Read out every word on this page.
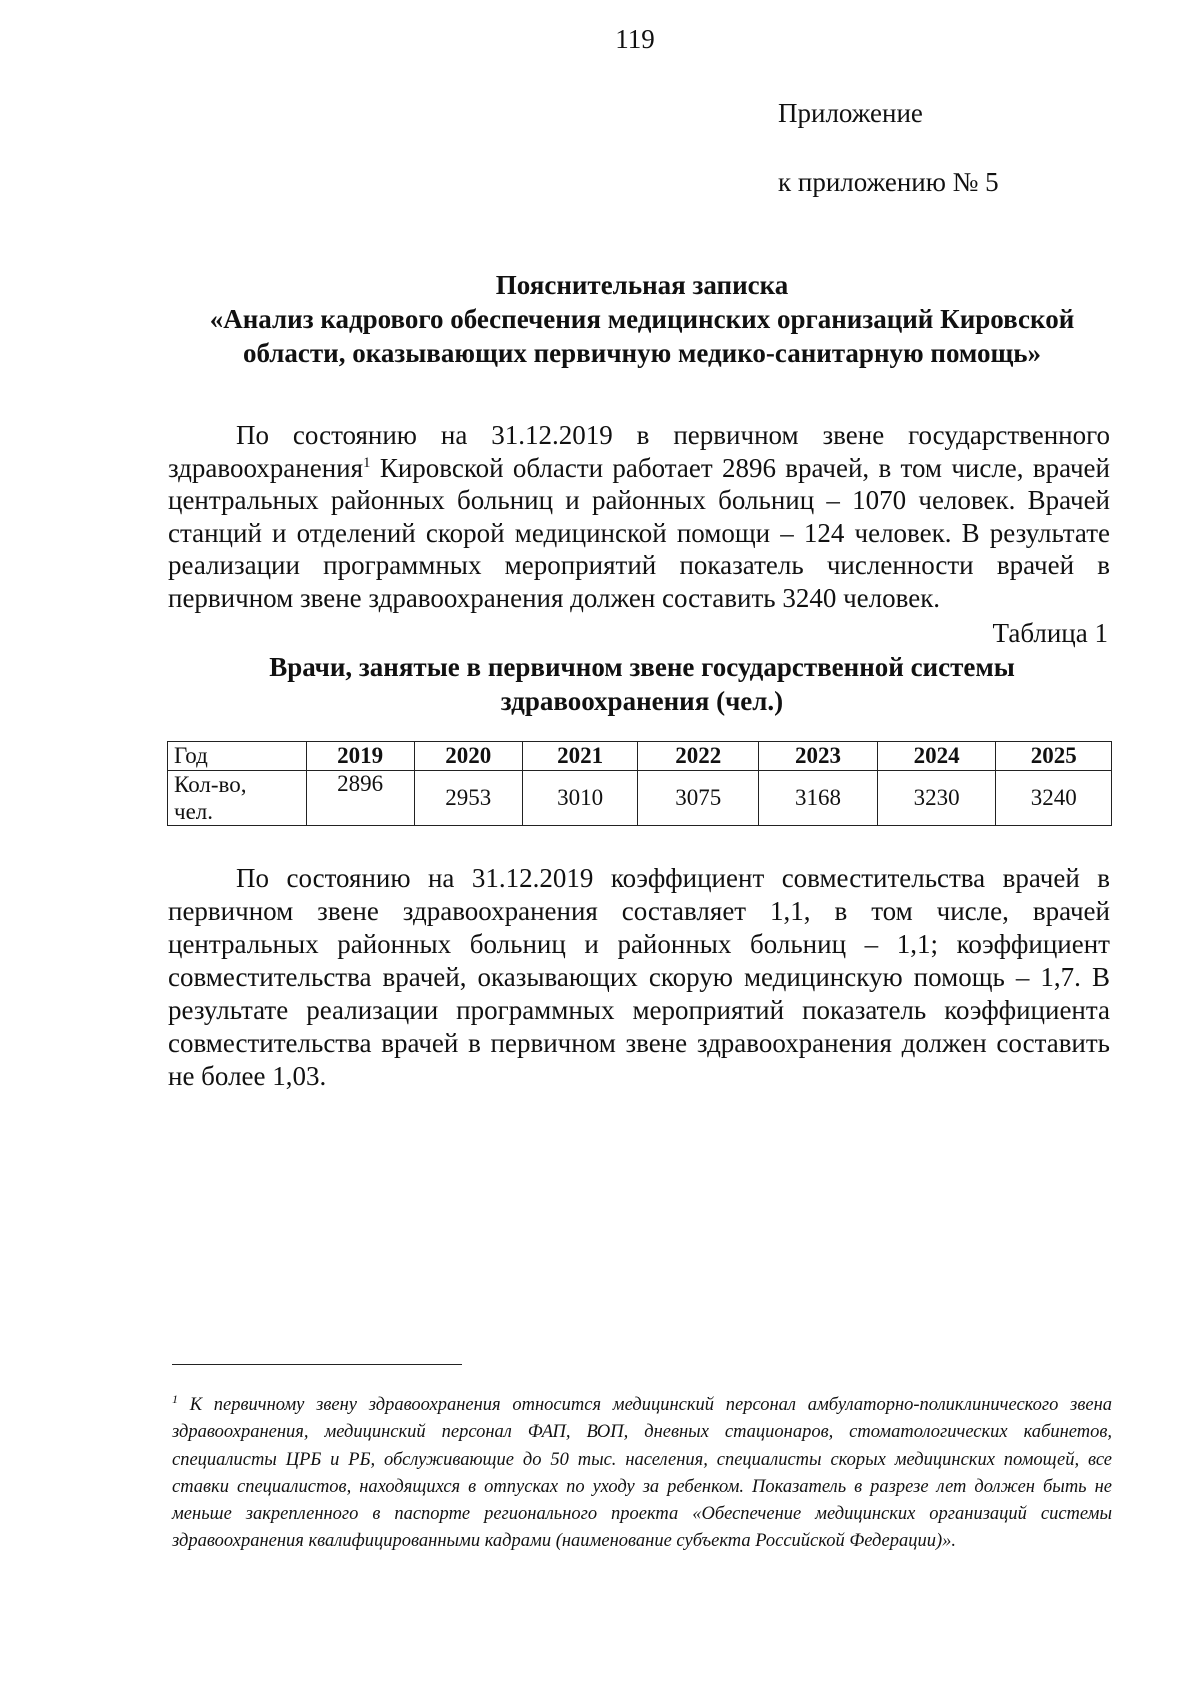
119
Приложение
к приложению № 5
Пояснительная записка
«Анализ кадрового обеспечения медицинских организаций Кировской
области, оказывающих первичную медико-санитарную помощь»

По состоянию на 31.12.2019 в первичном звене государственного здравоохранения$^1$ Кировской области работает 2896 врачей, в том числе, врачей центральных районных больниц и районных больниц – 1070 человек. Врачей станций и отделений скорой медицинской помощи – 124 человек. В результате реализации программных мероприятий показатель численности врачей в первичном звене здравоохранения должен составить 3240 человек.

Таблица 1
Врачи, занятые в первичном звене государственной системы
здравоохранения (чел.)
Год	2019	2020	2021	2022	2023	2024	2025
Кол-во,
чел.	2896	2953	3010	3075	3168	3230	3240

По состоянию на 31.12.2019 коэффициент совместительства врачей в первичном звене здравоохранения составляет 1,1, в том числе, врачей центральных районных больниц и районных больниц – 1,1; коэффициент совместительства врачей, оказывающих скорую медицинскую помощь – 1,7. В результате реализации программных мероприятий показатель коэффициента совместительства врачей в первичном звене здравоохранения должен составить не более 1,03.

$^1$ К первичному звену здравоохранения относится медицинский персонал амбулаторно-поликлинического звена здравоохранения, медицинский персонал ФАП, ВОП, дневных стационаров, стоматологических кабинетов, специалисты ЦРБ и РБ, обслуживающие до 50 тыс. населения, специалисты скорых медицинских помощей, все ставки специалистов, находящихся в отпусках по уходу за ребенком. Показатель в разрезе лет должен быть не меньше закрепленного в паспорте регионального проекта «Обеспечение медицинских организаций системы здравоохранения квалифицированными кадрами (наименование субъекта Российской Федерации)».
